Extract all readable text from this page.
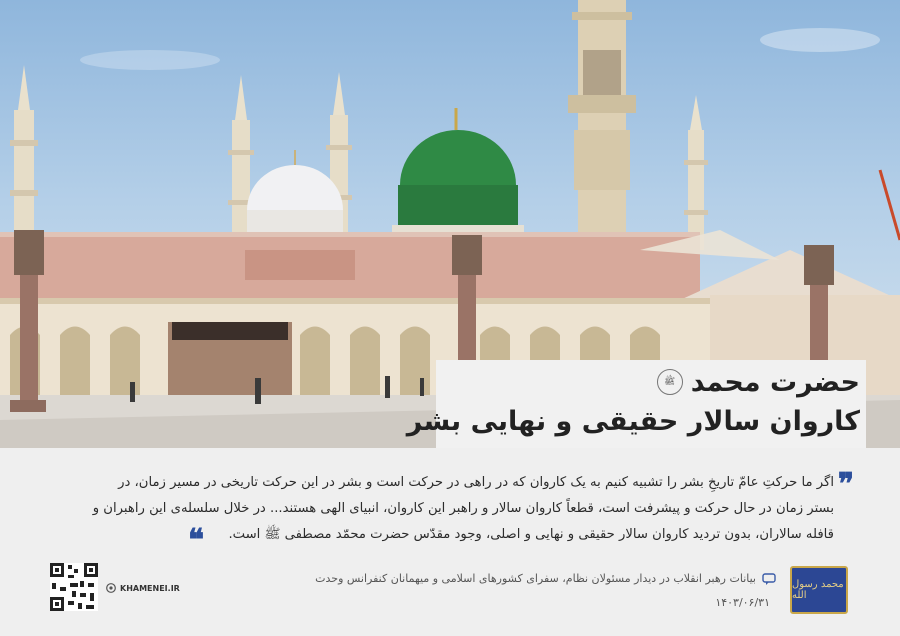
حضرت محمد
ﷺ
کاروان سالار حقیقی و نهایی بشر
❞
اگر ما حرکتِ عامّ تاریخِ بشر را تشبیه کنیم به یک کاروان که در راهی در حرکت است و بشر در این حرکت تاریخی در مسیر زمان، در
بستر زمان در حال حرکت و پیشرفت است، قطعاً کاروان سالار و راهبر این کاروان، انبیای الهی هستند... در خلال سلسله‌ی این راهبران و
قافله سالاران، بدون تردید کاروان سالار حقیقی و نهایی و اصلی، وجود مقدّس حضرت محمّد مصطفی ﷺ است.
❝
محمد رسول الله
بیانات رهبر انقلاب در دیدار مسئولان نظام، سفرای کشورهای اسلامی و میهمانان کنفرانس وحدت
۱۴۰۳/۰۶/۳۱
KHAMENEI.IR
